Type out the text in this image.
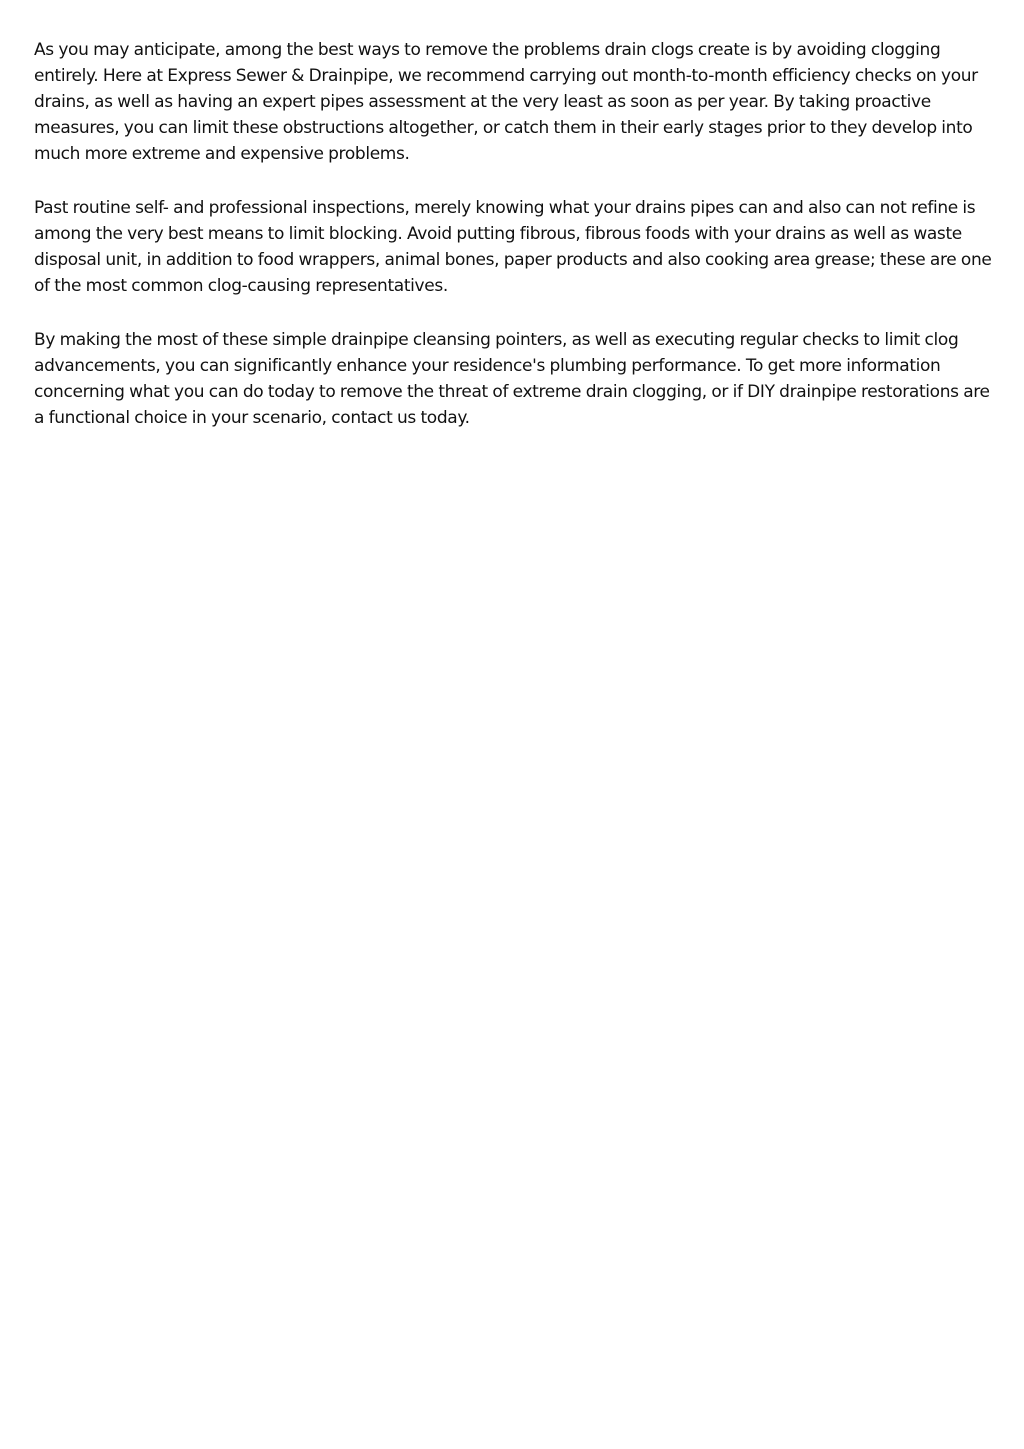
As you may anticipate, among the best ways to remove the problems drain clogs create is by avoiding clogging entirely. Here at Express Sewer & Drainpipe, we recommend carrying out month-to-month efficiency checks on your drains, as well as having an expert pipes assessment at the very least as soon as per year. By taking proactive measures, you can limit these obstructions altogether, or catch them in their early stages prior to they develop into much more extreme and expensive problems.

Past routine self- and professional inspections, merely knowing what your drains pipes can and also can not refine is among the very best means to limit blocking. Avoid putting fibrous, fibrous foods with your drains as well as waste disposal unit, in addition to food wrappers, animal bones, paper products and also cooking area grease; these are one of the most common clog-causing representatives.

By making the most of these simple drainpipe cleansing pointers, as well as executing regular checks to limit clog advancements, you can significantly enhance your residence's plumbing performance. To get more information concerning what you can do today to remove the threat of extreme drain clogging, or if DIY drainpipe restorations are a functional choice in your scenario, contact us today.
